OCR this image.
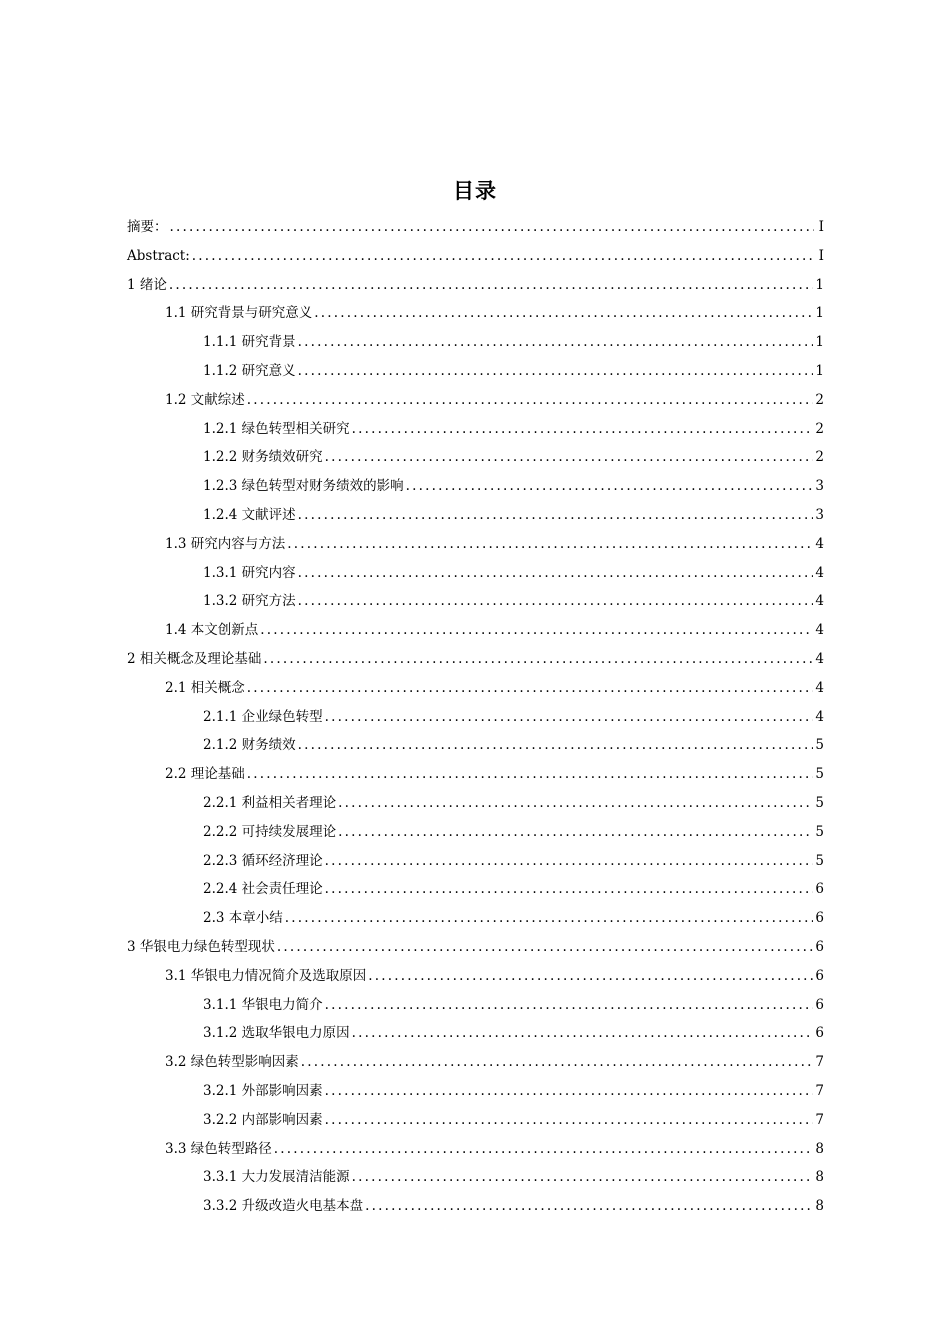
目录
摘要： .....	I
Abstract: .....	I
1 绪论 .....	1
1.1 研究背景与研究意义 .....	1
1.1.1 研究背景 .....	1
1.1.2 研究意义 .....	1
1.2 文献综述 .....	2
1.2.1 绿色转型相关研究 .....	2
1.2.2 财务绩效研究 .....	2
1.2.3 绿色转型对财务绩效的影响 .....	3
1.2.4 文献评述 .....	3
1.3 研究内容与方法 .....	4
1.3.1 研究内容 .....	4
1.3.2 研究方法 .....	4
1.4 本文创新点 .....	4
2 相关概念及理论基础 .....	4
2.1 相关概念 .....	4
2.1.1 企业绿色转型 .....	4
2.1.2 财务绩效 .....	5
2.2 理论基础 .....	5
2.2.1 利益相关者理论 .....	5
2.2.2 可持续发展理论 .....	5
2.2.3 循环经济理论 .....	5
2.2.4 社会责任理论 .....	6
2.3 本章小结 .....	6
3 华银电力绿色转型现状 .....	6
3.1 华银电力情况简介及选取原因 .....	6
3.1.1 华银电力简介 .....	6
3.1.2 选取华银电力原因 .....	6
3.2 绿色转型影响因素 .....	7
3.2.1 外部影响因素 .....	7
3.2.2 内部影响因素 .....	7
3.3 绿色转型路径 .....	8
3.3.1 大力发展清洁能源 .....	8
3.3.2 升级改造火电基本盘 .....	8
